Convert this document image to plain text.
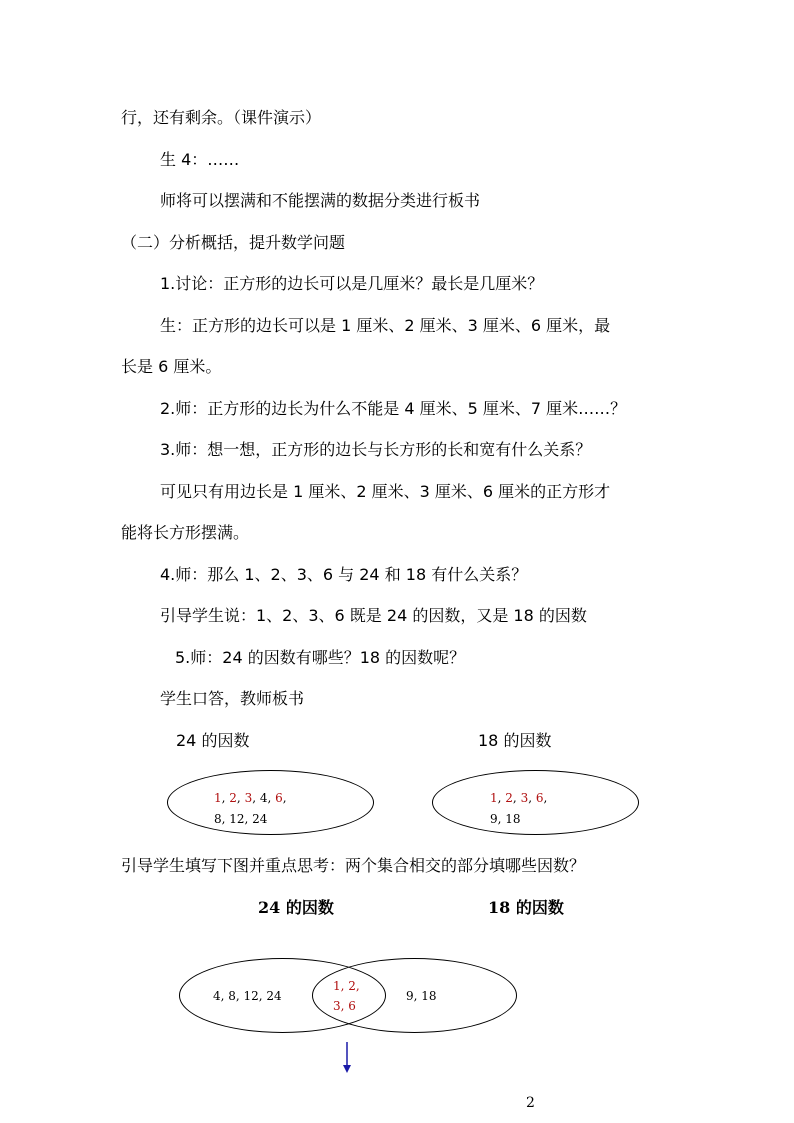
行，还有剩余。（课件演示）
生 4：……
师将可以摆满和不能摆满的数据分类进行板书
（二）分析概括，提升数学问题
1.讨论：正方形的边长可以是几厘米？最长是几厘米？
生：正方形的边长可以是 1 厘米、2 厘米、3 厘米、6 厘米，最
长是 6 厘米。
2.师：正方形的边长为什么不能是 4 厘米、5 厘米、7 厘米……？
3.师：想一想，正方形的边长与长方形的长和宽有什么关系？
可见只有用边长是 1 厘米、2 厘米、3 厘米、6 厘米的正方形才
能将长方形摆满。
4.师：那么 1、2、3、6 与 24 和 18 有什么关系？
引导学生说：1、2、3、6 既是 24 的因数，又是 18 的因数
5.师：24 的因数有哪些？18 的因数呢？
学生口答，教师板书
24 的因数	18 的因数
1, 2, 3, 4, 6,
8, 12, 24
1, 2, 3, 6,
9, 18
引导学生填写下图并重点思考：两个集合相交的部分填哪些因数？
24 的因数	18 的因数
4, 8, 12, 24
1, 2,
3, 6
9, 18
2
